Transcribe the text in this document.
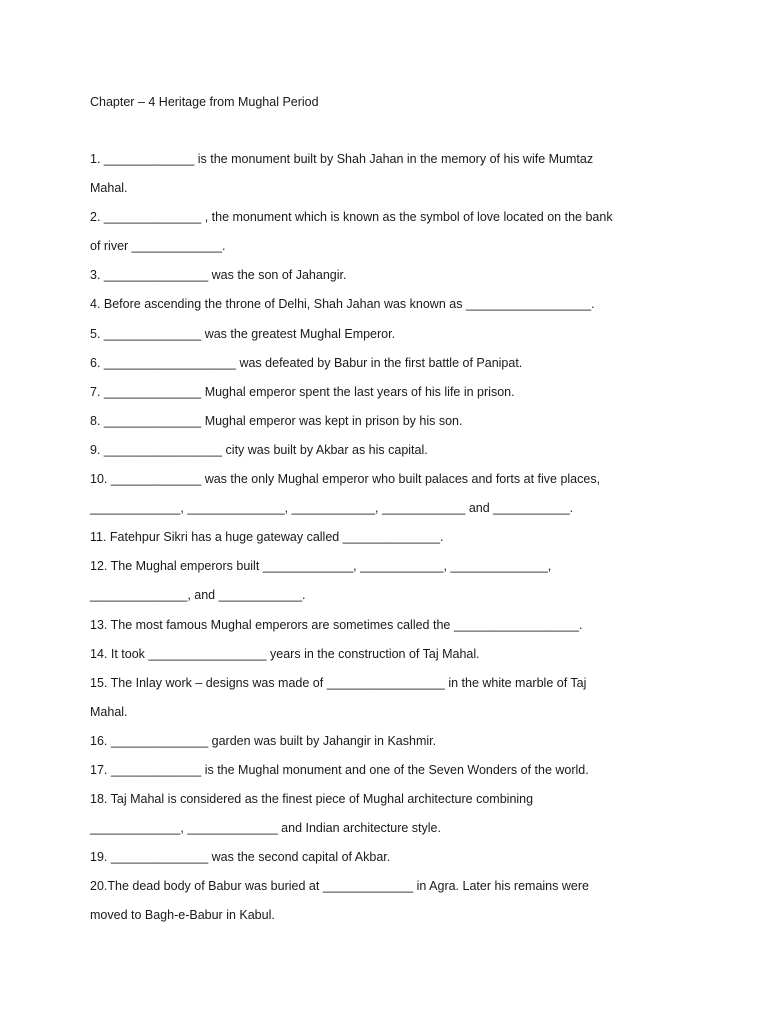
Chapter – 4 Heritage from Mughal Period
1. _____________ is the monument built by Shah Jahan in the memory of his wife Mumtaz
Mahal.
2. ______________ , the monument which is known as the symbol of love located on the bank
of river _____________.
3. _______________ was the son of Jahangir.
4. Before ascending the throne of Delhi, Shah Jahan was known as __________________.
5. ______________ was the greatest Mughal Emperor.
6. ___________________ was defeated by Babur in the first battle of Panipat.
7. ______________ Mughal emperor spent the last years of his life in prison.
8. ______________ Mughal emperor was kept in prison by his son.
9. _________________ city was built by Akbar as his capital.
10. _____________ was the only Mughal emperor who built palaces and forts at five places,
_____________, ______________, ____________, ____________ and ___________.
11. Fatehpur Sikri has a huge gateway called ______________.
12. The Mughal emperors built _____________, ____________, ______________,
______________, and ____________.
13. The most famous Mughal emperors are sometimes called the __________________.
14. It took _________________ years in the construction of Taj Mahal.
15. The Inlay work – designs was made of _________________ in the white marble of Taj
Mahal.
16. ______________ garden was built by Jahangir in Kashmir.
17. _____________ is the Mughal monument and one of the Seven Wonders of the world.
18. Taj Mahal is considered as the finest piece of Mughal architecture combining
_____________, _____________ and Indian architecture style.
19. ______________ was the second capital of Akbar.
20.The dead body of Babur was buried at _____________ in Agra. Later his remains were
moved to Bagh-e-Babur in Kabul.
